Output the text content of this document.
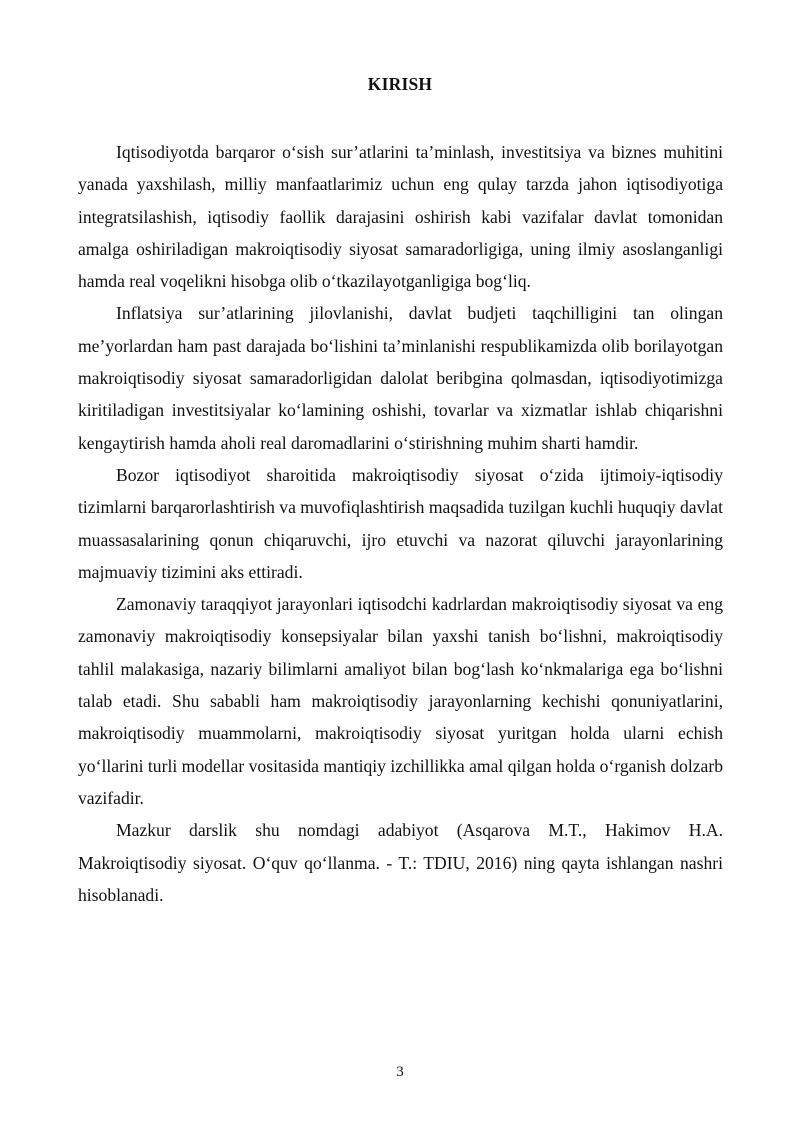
KIRISH

Iqtisodiyotda barqaror o‘sish sur’atlarini ta’minlash, investitsiya va biznes muhitini yanada yaxshilash, milliy manfaatlarimiz uchun eng qulay tarzda jahon iqtisodiyotiga integratsilashish, iqtisodiy faollik darajasini oshirish kabi vazifalar davlat tomonidan amalga oshiriladigan makroiqtisodiy siyosat samaradorligiga, uning ilmiy asoslanganligi hamda real voqelikni hisobga olib o‘tkazilayotganligiga bog‘liq.

Inflatsiya sur’atlarining jilovlanishi, davlat budjeti taqchilligini tan olingan me’yorlardan ham past darajada bo‘lishini ta’minlanishi respublikamizda olib borilayotgan makroiqtisodiy siyosat samaradorligidan dalolat beribgina qolmasdan, iqtisodiyotimizga kiritiladigan investitsiyalar ko‘lamining oshishi, tovarlar va xizmatlar ishlab chiqarishni kengaytirish hamda aholi real daromadlarini o‘stirishning muhim sharti hamdir.

Bozor iqtisodiyot sharoitida makroiqtisodiy siyosat o‘zida ijtimoiy-iqtisodiy tizimlarni barqarorlashtirish va muvofiqlashtirish maqsadida tuzilgan kuchli huquqiy davlat muassasalarining qonun chiqaruvchi, ijro etuvchi va nazorat qiluvchi jarayonlarining majmuaviy tizimini aks ettiradi.

Zamonaviy taraqqiyot jarayonlari iqtisodchi kadrlardan makroiqtisodiy siyosat va eng zamonaviy makroiqtisodiy konsepsiyalar bilan yaxshi tanish bo‘lishni, makroiqtisodiy tahlil malakasiga, nazariy bilimlarni amaliyot bilan bog‘lash ko‘nkmalariga ega bo‘lishni talab etadi. Shu sababli ham makroiqtisodiy jarayonlarning kechishi qonuniyatlarini, makroiqtisodiy muammolarni, makroiqtisodiy siyosat yuritgan holda ularni echish yo‘llarini turli modellar vositasida mantiqiy izchillikka amal qilgan holda o‘rganish dolzarb vazifadir.

Mazkur darslik shu nomdagi adabiyot (Asqarova M.T., Hakimov H.A. Makroiqtisodiy siyosat. O‘quv qo‘llanma. - T.: TDIU, 2016) ning qayta ishlangan nashri hisoblanadi.

3
